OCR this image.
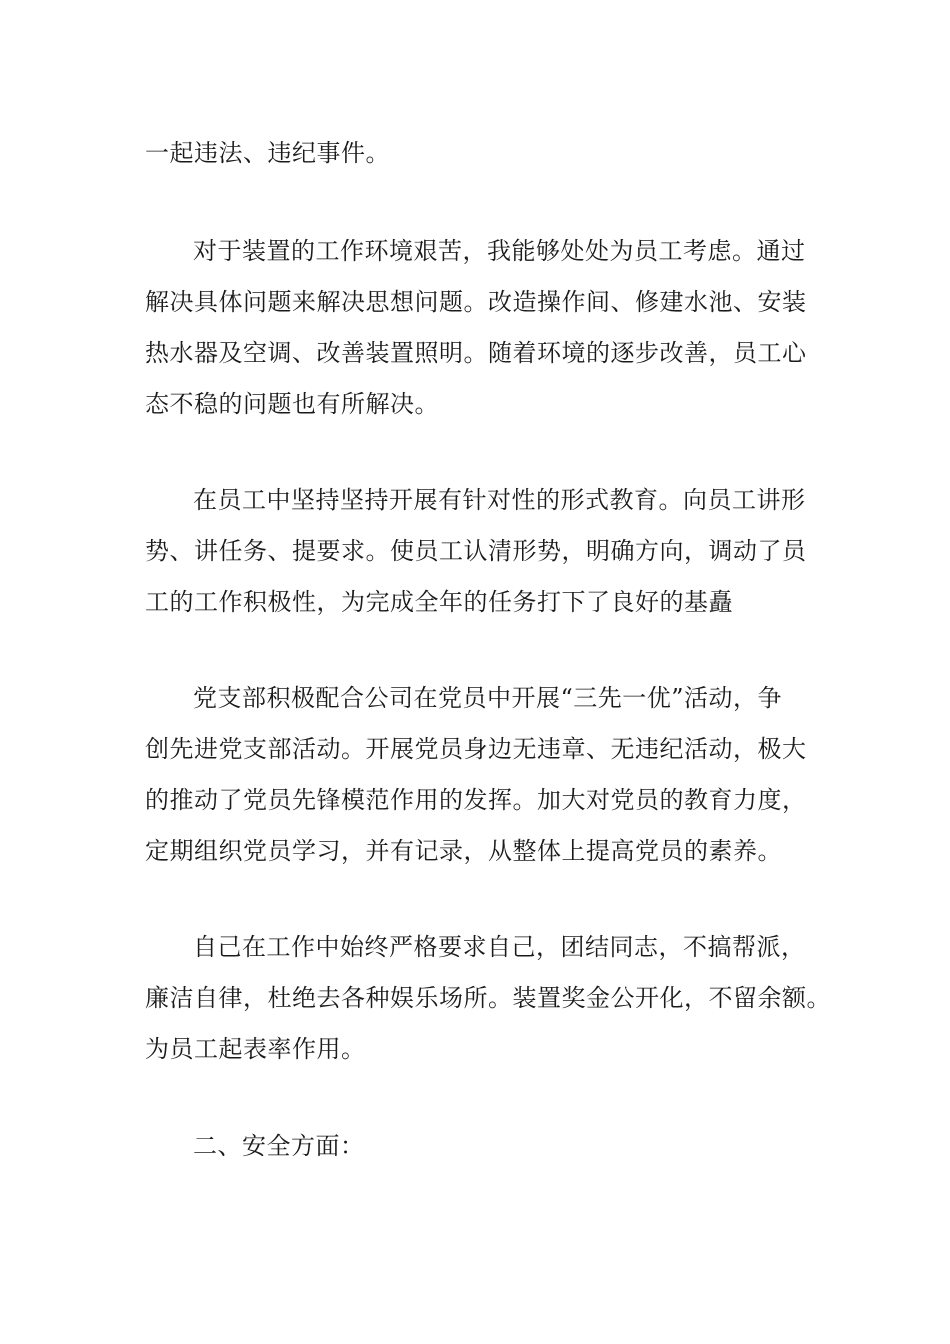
一起违法、违纪事件。
对于装置的工作环境艰苦，我能够处处为员工考虑。通过
解决具体问题来解决思想问题。改造操作间、修建水池、安装
热水器及空调、改善装置照明。随着环境的逐步改善，员工心
态不稳的问题也有所解决。
在员工中坚持坚持开展有针对性的形式教育。向员工讲形
势、讲任务、提要求。使员工认清形势，明确方向，调动了员
工的工作积极性，为完成全年的任务打下了良好的基矗
党支部积极配合公司在党员中开展“三先一优”活动，争
创先进党支部活动。开展党员身边无违章、无违纪活动，极大
的推动了党员先锋模范作用的发挥。加大对党员的教育力度，
定期组织党员学习，并有记录，从整体上提高党员的素养。
自己在工作中始终严格要求自己，团结同志，不搞帮派，
廉洁自律，杜绝去各种娱乐场所。装置奖金公开化，不留余额。
为员工起表率作用。
二、安全方面：
